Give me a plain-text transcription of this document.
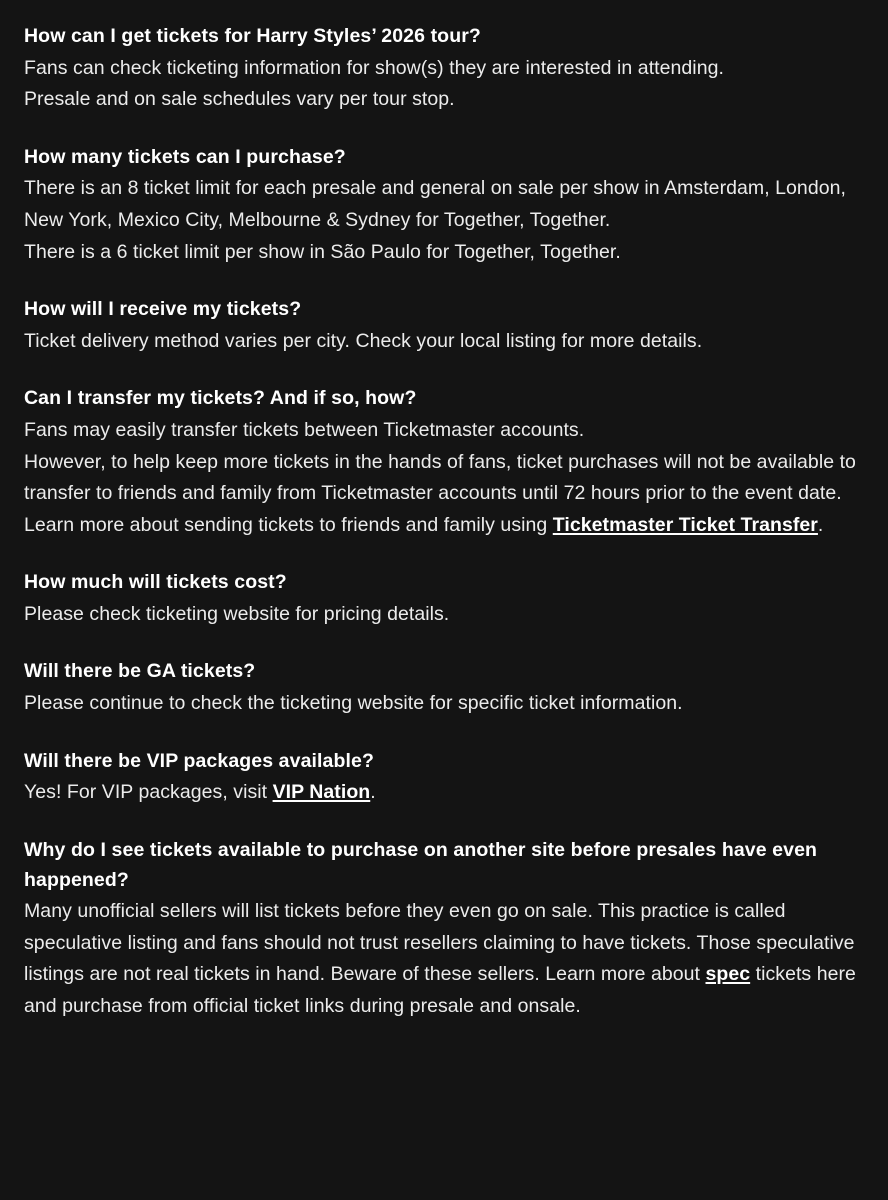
How can I get tickets for Harry Styles’ 2026 tour?
Fans can check ticketing information for show(s) they are interested in attending.
Presale and on sale schedules vary per tour stop.
How many tickets can I purchase?
There is an 8 ticket limit for each presale and general on sale per show in Amsterdam, London, New York, Mexico City, Melbourne & Sydney for Together, Together.
There is a 6 ticket limit per show in São Paulo for Together, Together.
How will I receive my tickets?
Ticket delivery method varies per city. Check your local listing for more details.
Can I transfer my tickets? And if so, how?
Fans may easily transfer tickets between Ticketmaster accounts.
However, to help keep more tickets in the hands of fans, ticket purchases will not be available to transfer to friends and family from Ticketmaster accounts until 72 hours prior to the event date.
Learn more about sending tickets to friends and family using Ticketmaster Ticket Transfer.
How much will tickets cost?
Please check ticketing website for pricing details.
Will there be GA tickets?
Please continue to check the ticketing website for specific ticket information.
Will there be VIP packages available?
Yes! For VIP packages, visit VIP Nation.
Why do I see tickets available to purchase on another site before presales have even happened?
Many unofficial sellers will list tickets before they even go on sale. This practice is called speculative listing and fans should not trust resellers claiming to have tickets. Those speculative listings are not real tickets in hand. Beware of these sellers. Learn more about spec tickets here and purchase from official ticket links during presale and onsale.
